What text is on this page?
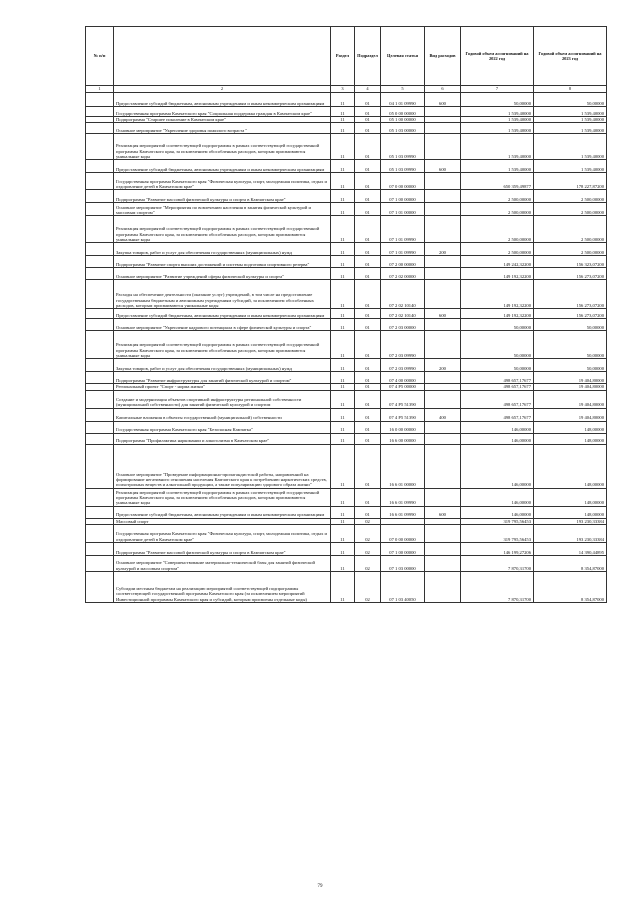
№ п/п		Раздел	Подраздел	Целевая статья	Вид расходов	Годовой объем ассигнований на 2022 год	Годовой объем ассигнований на 2023 год
1	2	3	4	5	6	7	8
	Предоставление субсидий бюджетным, автономным учреждениям и иным некоммерческим организациям	11	01	04 1 01 09990	600	50,00000	50,00000
	Государственная программа Камчатского края "Социальная поддержка граждан в Камчатском крае"	11	01	05 0 00 00000		1 539,40000	1 539,40000
	Подпрограмма "Старшее поколение в Камчатском крае"	11	01	05 1 00 00000		1 539,40000	1 539,40000
	Основное мероприятие "Укрепление здоровья пожилого возраста "	11	01	05 1 03 00000		1 539,40000	1 539,40000
	Реализация мероприятий соответствующей подпрограммы в рамках соответствующей государственной программы Камчатского края, за исключением обособленных расходов, которым присваиваются уникальные коды	11	01	05 1 03 09990		1 539,40000	1 539,40000
	Предоставление субсидий бюджетным, автономным учреждениям и иным некоммерческим организациям	11	01	05 1 03 09990	600	1 539,40000	1 539,40000
	Государственная программа Камчатского края "Физическая культура, спорт, молодежная политика, отдых и оздоровление детей в Камчатском крае"	11	01	07 0 00 00000		650 359,49877	178 227,87200
	Подпрограмма "Развитие массовой физической культуры и спорта в Камчатском крае"	11	01	07 1 00 00000		2 500,00000	2 500,00000
	Основное мероприятие "Мероприятия по вовлечению населения в занятия физической культурой и массовым спортом"	11	01	07 1 01 00000		2 500,00000	2 500,00000
	Реализация мероприятий соответствующей подпрограммы в рамках соответствующей государственной программы Камчатского края, за исключением обособленных расходов, которым присваиваются уникальные коды	11	01	07 1 01 09990		2 500,00000	2 500,00000
	Закупка товаров, работ и услуг для обеспечения государственных (муниципальных) нужд	11	01	07 1 01 09990	200	2 500,00000	2 500,00000
	Подпрограмма "Развитие спорта высших достижений и системы подготовки спортивного резерва"	11	01	07 2 00 00000		149 242,32200	156 323,07200
	Основное мероприятие "Развитие учреждений сферы физической культуры и спорта"	11	01	07 2 02 00000		149 192,32200	156 273,07200
	Расходы на обеспечение деятельности (оказание услуг) учреждений, в том числе на предоставление государственным бюджетным и автономным учреждениям субсидий, за исключением обособленных расходов, которым присваиваются уникальные коды	11	01	07 2 02 10140		149 192,32200	156 273,07200
	Предоставление субсидий бюджетным, автономным учреждениям и иным некоммерческим организациям	11	01	07 2 02 10140	600	149 192,32200	156 273,07200
	Основное мероприятие "Укрепление кадрового потенциала в сфере физической культуры и спорта"	11	01	07 2 03 00000		50,00000	50,00000
	Реализация мероприятий соответствующей подпрограммы в рамках соответствующей государственной программы Камчатского края, за исключением обособленных расходов, которым присваиваются уникальные коды	11	01	07 2 03 09990		50,00000	50,00000
	Закупка товаров, работ и услуг для обеспечения государственных (муниципальных) нужд	11	01	07 2 03 09990	200	50,00000	50,00000
	Подпрограмма "Развитие инфраструктуры для занятий физической культурой и спортом"	11	01	07 4 00 00000		498 657,17677	19 404,80000
	Региональный проект "Спорт - норма жизни"	11	01	07 4 P5 00000		498 657,17677	19 404,80000
	Создание и модернизация объектов спортивной инфраструктуры региональной собственности (муниципальной собственности) для занятий физической культурой и спортом	11	01	07 4 P5 51390		498 657,17677	19 404,80000
	Капитальные вложения в объекты государственной (муниципальной) собственности	11	01	07 4 P5 51390	400	498 657,17677	19 404,80000
	Государственная программа Камчатского края "Безопасная Камчатка"	11	01	16 0 00 00000		146,00000	148,00000
	Подпрограмма "Профилактика наркомании и алкоголизма в Камчатском крае"	11	01	16 6 00 00000		146,00000	148,00000
	Основное мероприятие "Проведение информационно-пропагандистской работы, направленной на формирование негативного отношения населения Камчатского края к потреблению наркотических средств, психотропных веществ и алкогольной продукции, а также популяризацию здорового образа жизни"	11	01	16 6 01 00000		146,00000	148,00000
	Реализация мероприятий соответствующей подпрограммы в рамках соответствующей государственной программы Камчатского края, за исключением обособленных расходов, которым присваиваются уникальные коды	11	01	16 6 01 09990		146,00000	148,00000
	Предоставление субсидий бюджетным, автономным учреждениям и иным некоммерческим организациям	11	01	16 6 01 09990	600	146,00000	148,00000
	Массовый спорт	11	02			319 795,56453	193 230,33384
	Государственная программа Камчатского края "Физическая культура, спорт, молодежная политика, отдых и оздоровление детей в Камчатском крае"	11	02	07 0 00 00000		319 795,56453	193 230,33384
	Подпрограмма "Развитие массовой физической культуры и спорта в Камчатском крае"	11	02	07 1 00 00000		146 199,27206	14 390,44895
	Основное мероприятие "Совершенствование материально-технической базы для занятий физической культурой и массовым спортом"	11	02	07 1 03 00000		7 870,31700	8 354,87000
	Субсидии местным бюджетам на реализацию мероприятий соответствующей подпрограммы соответствующей государственной программы Камчатского края (за исключением мероприятий Инвестиционной программы Камчатского края и субсидий, которым присвоены отдельные коды)	11	02	07 1 03 40050		7 870,31700	8 354,87000
79
